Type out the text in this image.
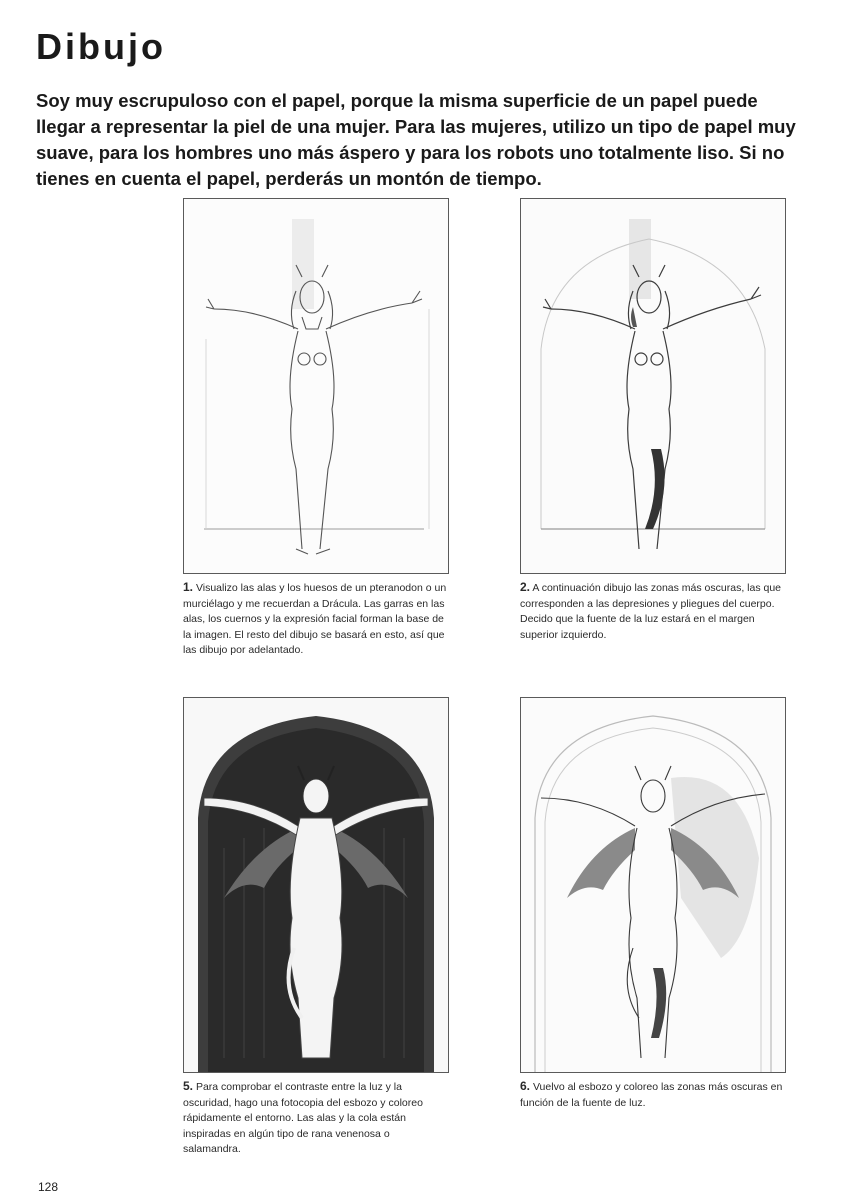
Dibujo

Soy muy escrupuloso con el papel, porque la misma superficie de un papel puede llegar a representar la piel de una mujer. Para las mujeres, utilizo un tipo de papel muy suave, para los hombres uno más áspero y para los robots uno totalmente liso. Si no tienes en cuenta el papel, perderás un montón de tiempo.

1. Visualizo las alas y los huesos de un pteranodon o un murciélago y me recuerdan a Drácula. Las garras en las alas, los cuernos y la expresión facial forman la base de la imagen. El resto del dibujo se basará en esto, así que las dibujo por adelantado.
2. A continuación dibujo las zonas más oscuras, las que corresponden a las depresiones y pliegues del cuerpo. Decido que la fuente de la luz estará en el margen superior izquierdo.
5. Para comprobar el contraste entre la luz y la oscuridad, hago una fotocopia del esbozo y coloreo rápidamente el entorno. Las alas y la cola están inspiradas en algún tipo de rana venenosa o salamandra.
6. Vuelvo al esbozo y coloreo las zonas más oscuras en función de la fuente de luz.
128
